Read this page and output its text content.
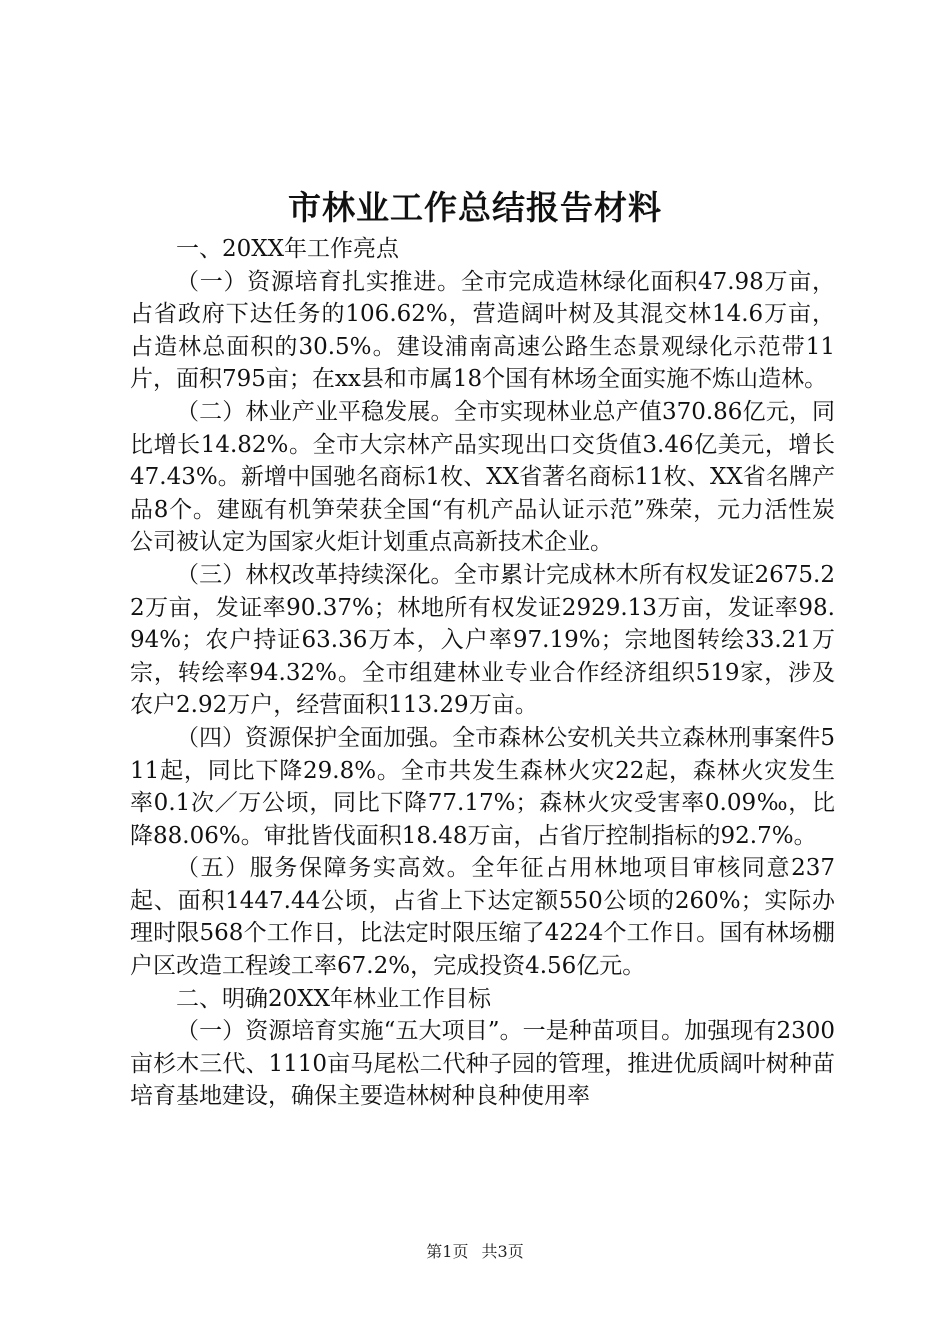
市林业工作总结报告材料

一、20XX年工作亮点

（一）资源培育扎实推进。全市完成造林绿化面积47.98万亩，占省政府下达任务的106.62%，营造阔叶树及其混交林14.6万亩，占造林总面积的30.5%。建设浦南高速公路生态景观绿化示范带11片，面积795亩；在xx县和市属18个国有林场全面实施不炼山造林。

（二）林业产业平稳发展。全市实现林业总产值370.86亿元，同比增长14.82%。全市大宗林产品实现出口交货值3.46亿美元，增长47.43%。新增中国驰名商标1枚、XX省著名商标11枚、XX省名牌产品8个。建瓯有机笋荣获全国“有机产品认证示范”殊荣，元力活性炭公司被认定为国家火炬计划重点高新技术企业。

（三）林权改革持续深化。全市累计完成林木所有权发证2675.22万亩，发证率90.37%；林地所有权发证2929.13万亩，发证率98.94%；农户持证63.36万本，入户率97.19%；宗地图转绘33.21万宗，转绘率94.32%。全市组建林业专业合作经济组织519家，涉及农户2.92万户，经营面积113.29万亩。

（四）资源保护全面加强。全市森林公安机关共立森林刑事案件511起，同比下降29.8%。全市共发生森林火灾22起，森林火灾发生率0.1次／万公顷，同比下降77.17%；森林火灾受害率0.09‰，比降88.06%。审批皆伐面积18.48万亩，占省厅控制指标的92.7%。

（五）服务保障务实高效。全年征占用林地项目审核同意237起、面积1447.44公顷，占省上下达定额550公顷的260%；实际办理时限568个工作日，比法定时限压缩了4224个工作日。国有林场棚户区改造工程竣工率67.2%，完成投资4.56亿元。

二、明确20XX年林业工作目标

（一）资源培育实施“五大项目”。一是种苗项目。加强现有2300亩杉木三代、1110亩马尾松二代种子园的管理，推进优质阔叶树种苗培育基地建设，确保主要造林树种良种使用率

第1页 共3页
